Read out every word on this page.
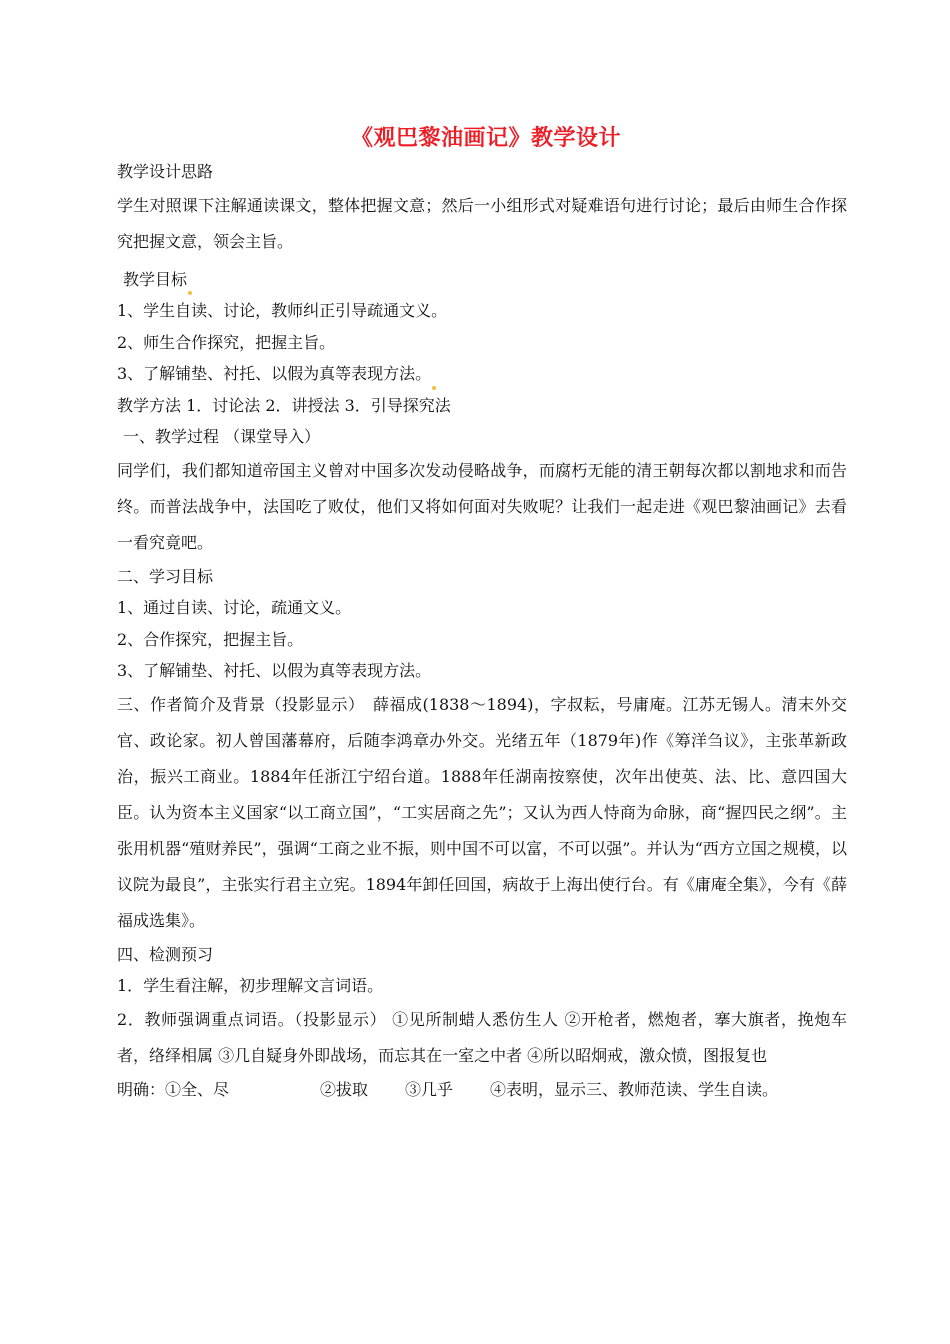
《观巴黎油画记》教学设计

教学设计思路

学生对照课下注解通读课文，整体把握文意；然后一小组形式对疑难语句进行讨论；最后由师生合作探究把握文意，领会主旨。

教学目标

1、学生自读、讨论，教师纠正引导疏通文义。

2、师生合作探究，把握主旨。

3、了解铺垫、衬托、以假为真等表现方法。

教学方法 1．讨论法 2．讲授法 3．引导探究法

一、教学过程 （课堂导入）

同学们，我们都知道帝国主义曾对中国多次发动侵略战争，而腐朽无能的清王朝每次都以割地求和而告终。而普法战争中，法国吃了败仗，他们又将如何面对失败呢？让我们一起走进《观巴黎油画记》去看一看究竟吧。

二、学习目标

1、通过自读、讨论，疏通文义。

2、合作探究，把握主旨。

3、了解铺垫、衬托、以假为真等表现方法。

三、作者简介及背景（投影显示）　薛福成(1838～1894)，字叔耘，号庸庵。江苏无锡人。清末外交官、政论家。初人曾国藩幕府，后随李鸿章办外交。光绪五年（1879年)作《筹洋刍议》，主张革新政治，振兴工商业。1884年任浙江宁绍台道。1888年任湖南按察使，次年出使英、法、比、意四国大臣。认为资本主义国家“以工商立国”，“工实居商之先”；又认为西人恃商为命脉，商“握四民之纲”。主张用机器“殖财养民”，强调“工商之业不振，则中国不可以富，不可以强”。并认为“西方立国之规模，以议院为最良”，主张实行君主立宪。1894年卸任回国，病故于上海出使行台。有《庸庵全集》，今有《薛福成选集》。

四、检测预习

1．学生看注解，初步理解文言词语。

2．教师强调重点词语。（投影显示） ①见所制蜡人悉仿生人 ②开枪者，燃炮者，搴大旗者，挽炮车者，络绎相属 ③几自疑身外即战场，而忘其在一室之中者 ④所以昭炯戒，激众愤，图报复也

明确：①全、尽	②拔取 ③几乎 ④表明，显示三、教师范读、学生自读。
